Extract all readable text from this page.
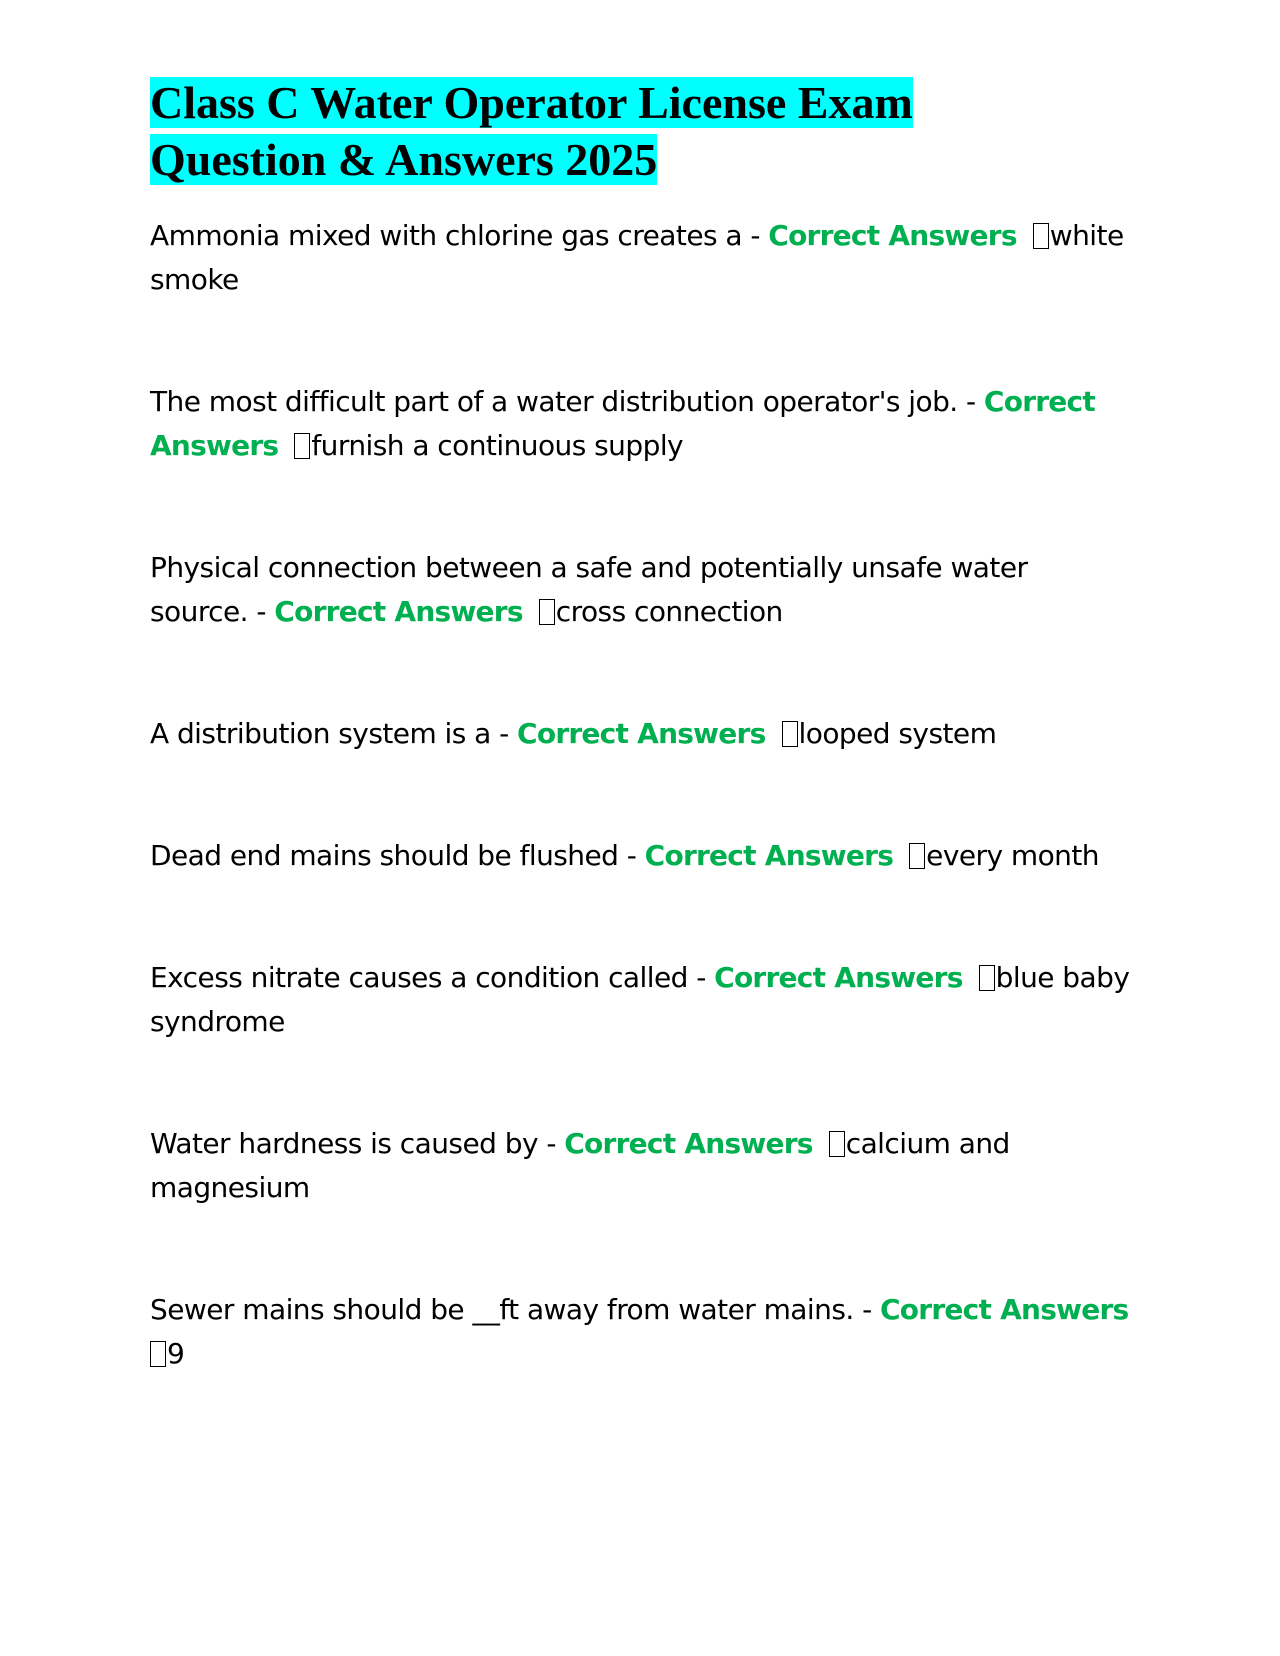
Class C Water Operator License Exam
Question & Answers 2025

Ammonia mixed with chlorine gas creates a - Correct Answers white smoke

The most difficult part of a water distribution operator's job. - Correct Answers furnish a continuous supply

Physical connection between a safe and potentially unsafe water source. - Correct Answers cross connection

A distribution system is a - Correct Answers looped system

Dead end mains should be flushed - Correct Answers every month

Excess nitrate causes a condition called - Correct Answers blue baby syndrome

Water hardness is caused by - Correct Answers calcium and magnesium

Sewer mains should be __ft away from water mains. - Correct Answers
9
